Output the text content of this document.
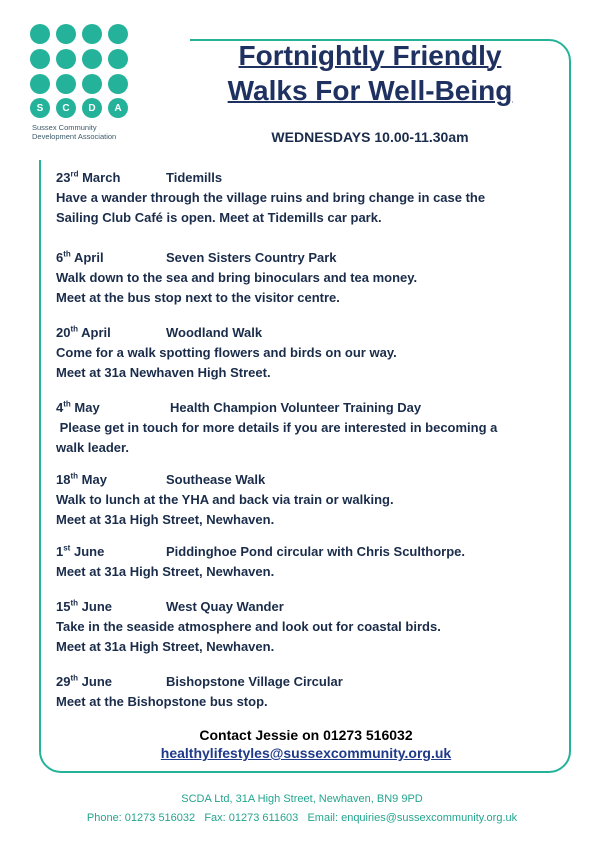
S	C	D	A
Sussex Community
Development Association
Fortnightly Friendly
Walks For Well-Being
WEDNESDAYS 10.00-11.30am
23rd March	Tidemills
Have a wander through the village ruins and bring change in case the
Sailing Club Café is open. Meet at Tidemills car park.
6th April	Seven Sisters Country Park
Walk down to the sea and bring binoculars and tea money.
Meet at the bus stop next to the visitor centre.
20th April	Woodland Walk
Come for a walk spotting flowers and birds on our way.
Meet at 31a Newhaven High Street.
4th May	Health Champion Volunteer Training Day
Please get in touch for more details if you are interested in becoming a
walk leader.
18th May	Southease Walk
Walk to lunch at the YHA and back via train or walking.
Meet at 31a High Street, Newhaven.
1st June	Piddinghoe Pond circular with Chris Sculthorpe.
Meet at 31a High Street, Newhaven.
15th June	West Quay Wander
Take in the seaside atmosphere and look out for coastal birds.
Meet at 31a High Street, Newhaven.
29th June	Bishopstone Village Circular
Meet at the Bishopstone bus stop.
Contact Jessie on 01273 516032
healthylifestyles@sussexcommunity.org.uk
SCDA Ltd, 31A High Street, Newhaven, BN9 9PD
Phone: 01273 516032   Fax: 01273 611603   Email: enquiries@sussexcommunity.org.uk
